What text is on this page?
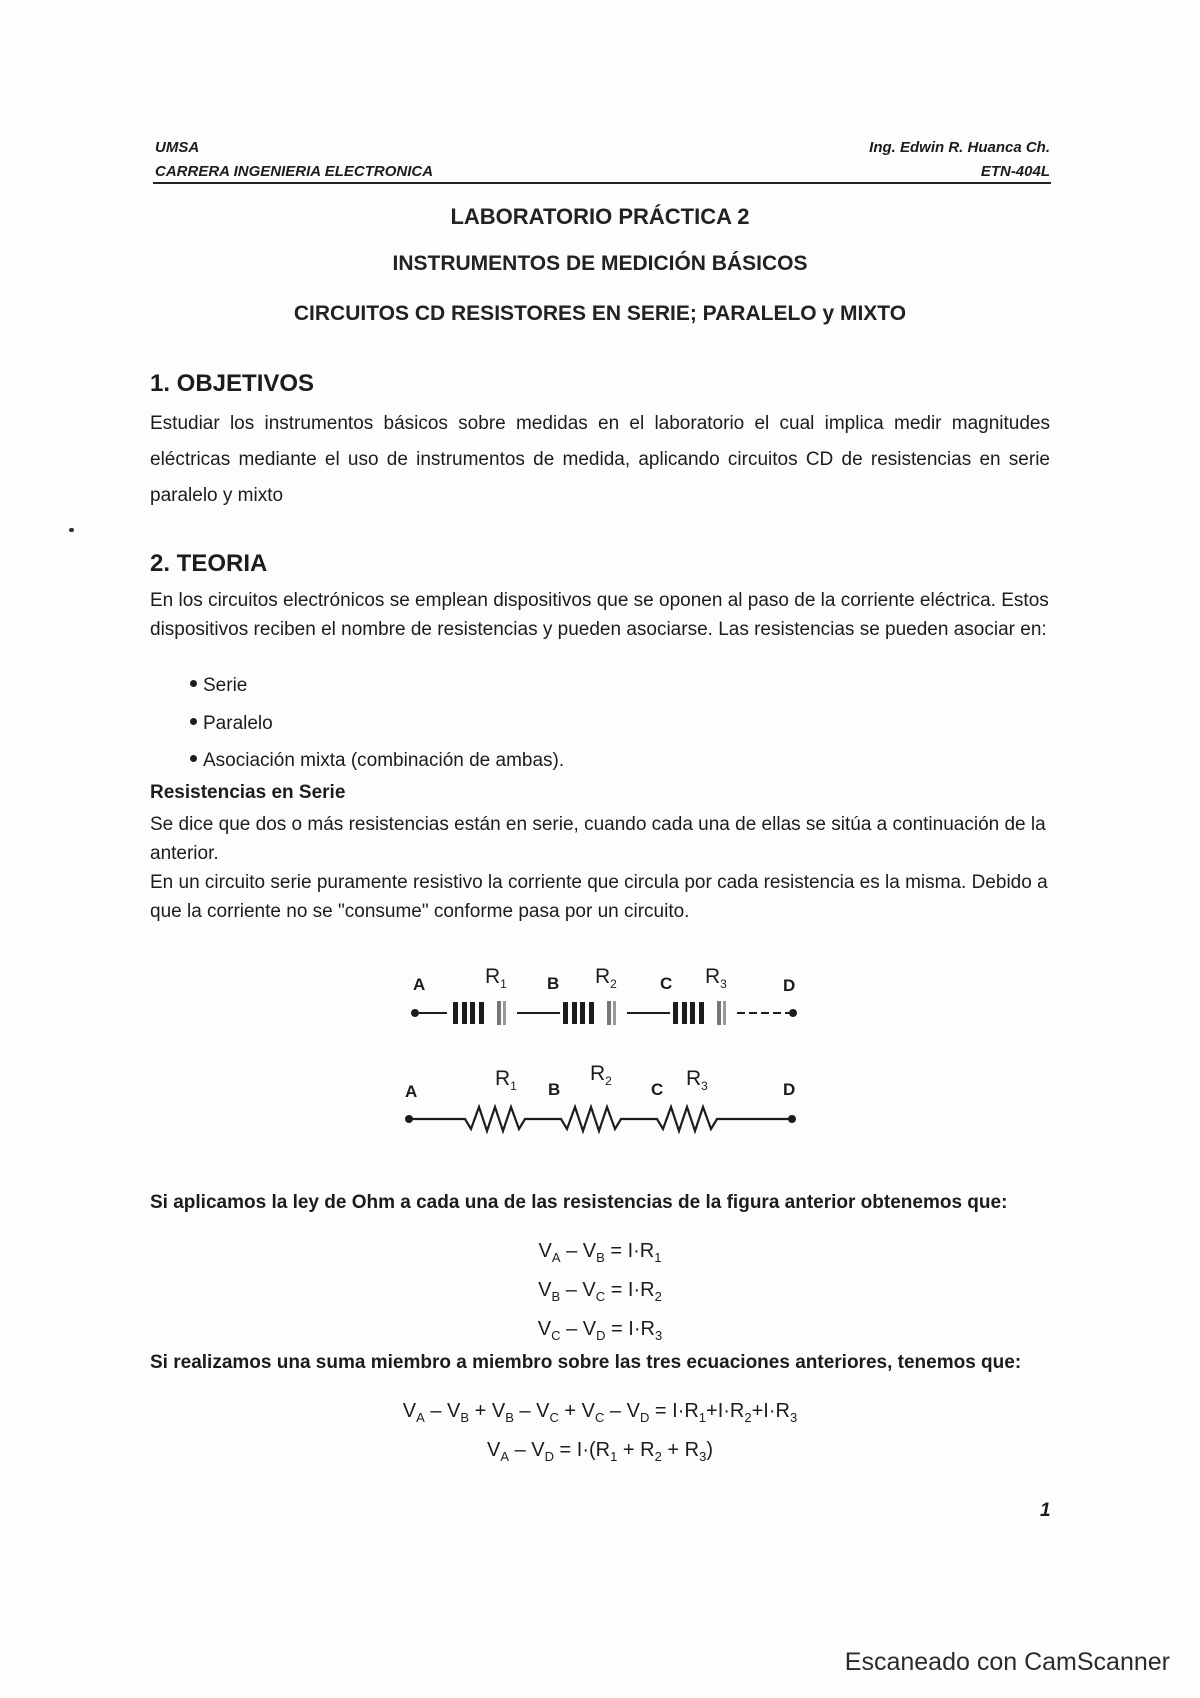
UMSA
CARRERA INGENIERIA ELECTRONICA
Ing. Edwin R. Huanca Ch.
ETN-404L
LABORATORIO PRÁCTICA 2
INSTRUMENTOS DE MEDICIÓN BÁSICOS
CIRCUITOS CD RESISTORES EN SERIE; PARALELO y MIXTO
1. OBJETIVOS
Estudiar los instrumentos básicos sobre medidas en el laboratorio el cual implica medir magnitudes eléctricas mediante el uso de instrumentos de medida, aplicando circuitos CD de resistencias en serie paralelo y mixto
2. TEORIA
En los circuitos electrónicos se emplean dispositivos que se oponen al paso de la corriente eléctrica. Estos dispositivos reciben el nombre de resistencias y pueden asociarse. Las resistencias se pueden asociar en:
Serie
Paralelo
Asociación mixta (combinación de ambas).
Resistencias en Serie
Se dice que dos o más resistencias están en serie, cuando cada una de ellas se sitúa a continuación de la anterior.
En un circuito serie puramente resistivo la corriente que circula por cada resistencia es la misma. Debido a que la corriente no se "consume" conforme pasa por un circuito.
A	B	C	D
$R_1$	$R_2$	$R_3$
A	B	C	D
$R_1$
$R_2$	$R_3$
Si aplicamos la ley de Ohm a cada una de las resistencias de la figura anterior obtenemos que:
$V_A - V_B = I\cdot R_1$
$V_B - V_C = I\cdot R_2$
$V_C - V_D = I\cdot R_3$
Si realizamos una suma miembro a miembro sobre las tres ecuaciones anteriores, tenemos que:
$V_A - V_B + V_B - V_C + V_C - V_D = I\cdot R_1+I\cdot R_2+I\cdot R_3$
$V_A - V_D = I\cdot(R_1 + R_2 + R_3)$
1
Escaneado con CamScanner
